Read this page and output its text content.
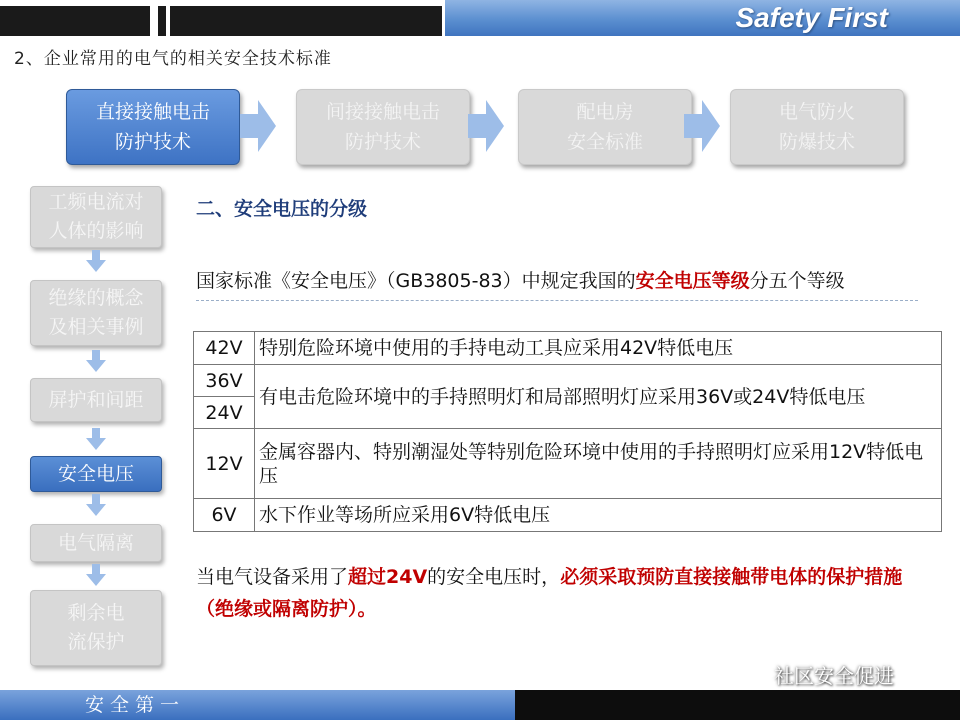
Safety First
2、企业常用的电气的相关安全技术标准
直接接触电击
防护技术
间接接触电击
防护技术
配电房
安全标准
电气防火
防爆技术
工频电流对
人体的影响
绝缘的概念
及相关事例
屏护和间距
安全电压
电气隔离
剩余电
流保护
二、安全电压的分级
国家标准《安全电压》（GB3805-83）中规定我国的安全电压等级分五个等级
42V	特别危险环境中使用的手持电动工具应采用42V特低电压
36V	有电击危险环境中的手持照明灯和局部照明灯应采用36V或24V特低电压
24V	
12V	金属容器内、特别潮湿处等特别危险环境中使用的手持照明灯应采用12V特低电压
6V	水下作业等场所应采用6V特低电压
当电气设备采用了超过24V的安全电压时，必须采取预防直接接触带电体的保护措施（绝缘或隔离防护）。
安全第一
社区安全促进
